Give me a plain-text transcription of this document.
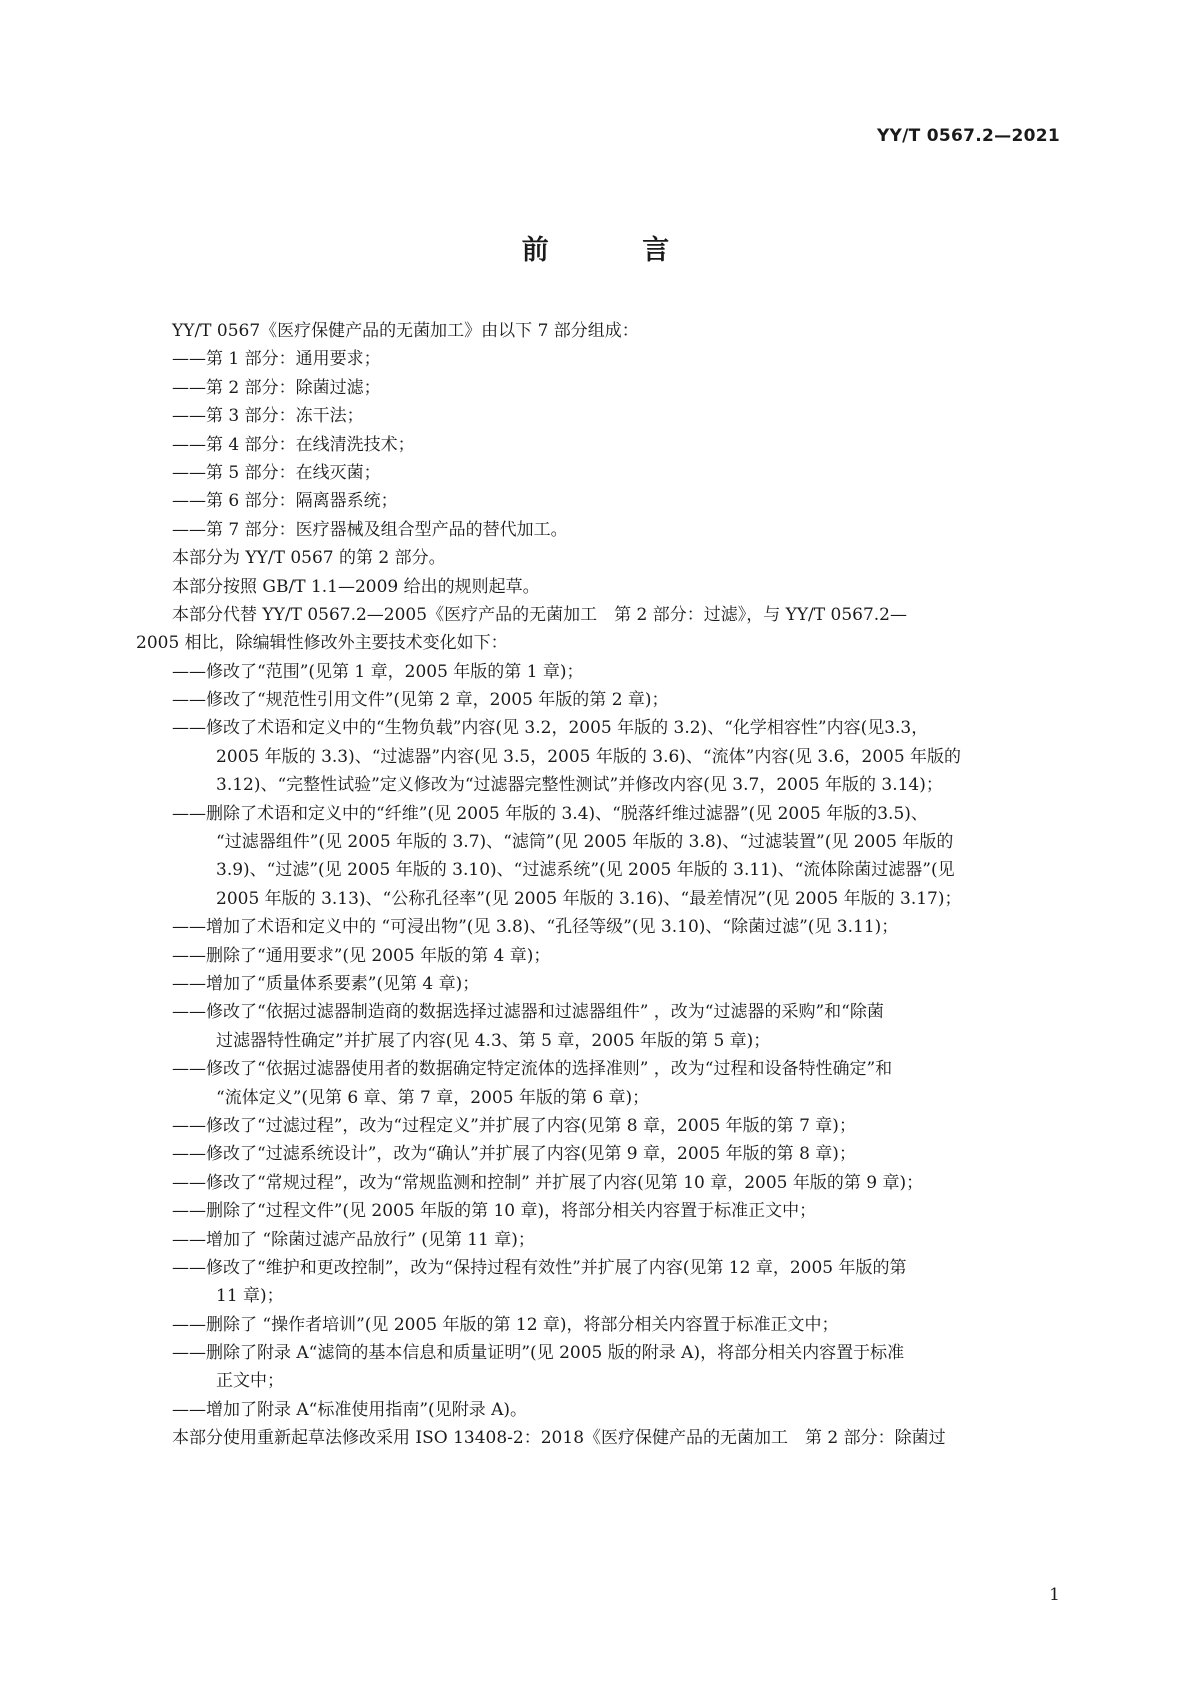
YY/T 0567.2—2021
前 言
YY/T 0567《医疗保健产品的无菌加工》由以下 7 部分组成：
——第 1 部分：通用要求；
——第 2 部分：除菌过滤；
——第 3 部分：冻干法；
——第 4 部分：在线清洗技术；
——第 5 部分：在线灭菌；
——第 6 部分：隔离器系统；
——第 7 部分：医疗器械及组合型产品的替代加工。
本部分为 YY/T 0567 的第 2 部分。
本部分按照 GB/T 1.1—2009 给出的规则起草。
本部分代替 YY/T 0567.2—2005《医疗产品的无菌加工　第 2 部分：过滤》，与 YY/T 0567.2—
2005 相比，除编辑性修改外主要技术变化如下：
——修改了“范围”(见第 1 章，2005 年版的第 1 章)；
——修改了“规范性引用文件”(见第 2 章，2005 年版的第 2 章)；
——修改了术语和定义中的“生物负载”内容(见 3.2，2005 年版的 3.2)、“化学相容性”内容(见3.3，
2005 年版的 3.3)、“过滤器”内容(见 3.5，2005 年版的 3.6)、“流体”内容(见 3.6，2005 年版的
3.12)、“完整性试验”定义修改为“过滤器完整性测试”并修改内容(见 3.7，2005 年版的 3.14)；
——删除了术语和定义中的“纤维”(见 2005 年版的 3.4)、“脱落纤维过滤器”(见 2005 年版的3.5)、
“过滤器组件”(见 2005 年版的 3.7)、“滤筒”(见 2005 年版的 3.8)、“过滤装置”(见 2005 年版的
3.9)、“过滤”(见 2005 年版的 3.10)、“过滤系统”(见 2005 年版的 3.11)、“流体除菌过滤器”(见
2005 年版的 3.13)、“公称孔径率”(见 2005 年版的 3.16)、“最差情况”(见 2005 年版的 3.17)；
——增加了术语和定义中的 “可浸出物”(见 3.8)、“孔径等级”(见 3.10)、“除菌过滤”(见 3.11)；
——删除了“通用要求”(见 2005 年版的第 4 章)；
——增加了“质量体系要素”(见第 4 章)；
——修改了“依据过滤器制造商的数据选择过滤器和过滤器组件” ，改为“过滤器的采购”和“除菌
过滤器特性确定”并扩展了内容(见 4.3、第 5 章，2005 年版的第 5 章)；
——修改了“依据过滤器使用者的数据确定特定流体的选择准则” ，改为“过程和设备特性确定”和
“流体定义”(见第 6 章、第 7 章，2005 年版的第 6 章)；
——修改了“过滤过程”，改为“过程定义”并扩展了内容(见第 8 章，2005 年版的第 7 章)；
——修改了“过滤系统设计”，改为“确认”并扩展了内容(见第 9 章，2005 年版的第 8 章)；
——修改了“常规过程”，改为“常规监测和控制” 并扩展了内容(见第 10 章，2005 年版的第 9 章)；
——删除了“过程文件”(见 2005 年版的第 10 章)，将部分相关内容置于标准正文中；
——增加了 “除菌过滤产品放行” (见第 11 章)；
——修改了“维护和更改控制”，改为“保持过程有效性”并扩展了内容(见第 12 章，2005 年版的第
11 章)；
——删除了 “操作者培训”(见 2005 年版的第 12 章)，将部分相关内容置于标准正文中；
——删除了附录 A“滤筒的基本信息和质量证明”(见 2005 版的附录 A)，将部分相关内容置于标准
正文中；
——增加了附录 A“标准使用指南”(见附录 A)。
本部分使用重新起草法修改采用 ISO 13408-2：2018《医疗保健产品的无菌加工　第 2 部分：除菌过
1
